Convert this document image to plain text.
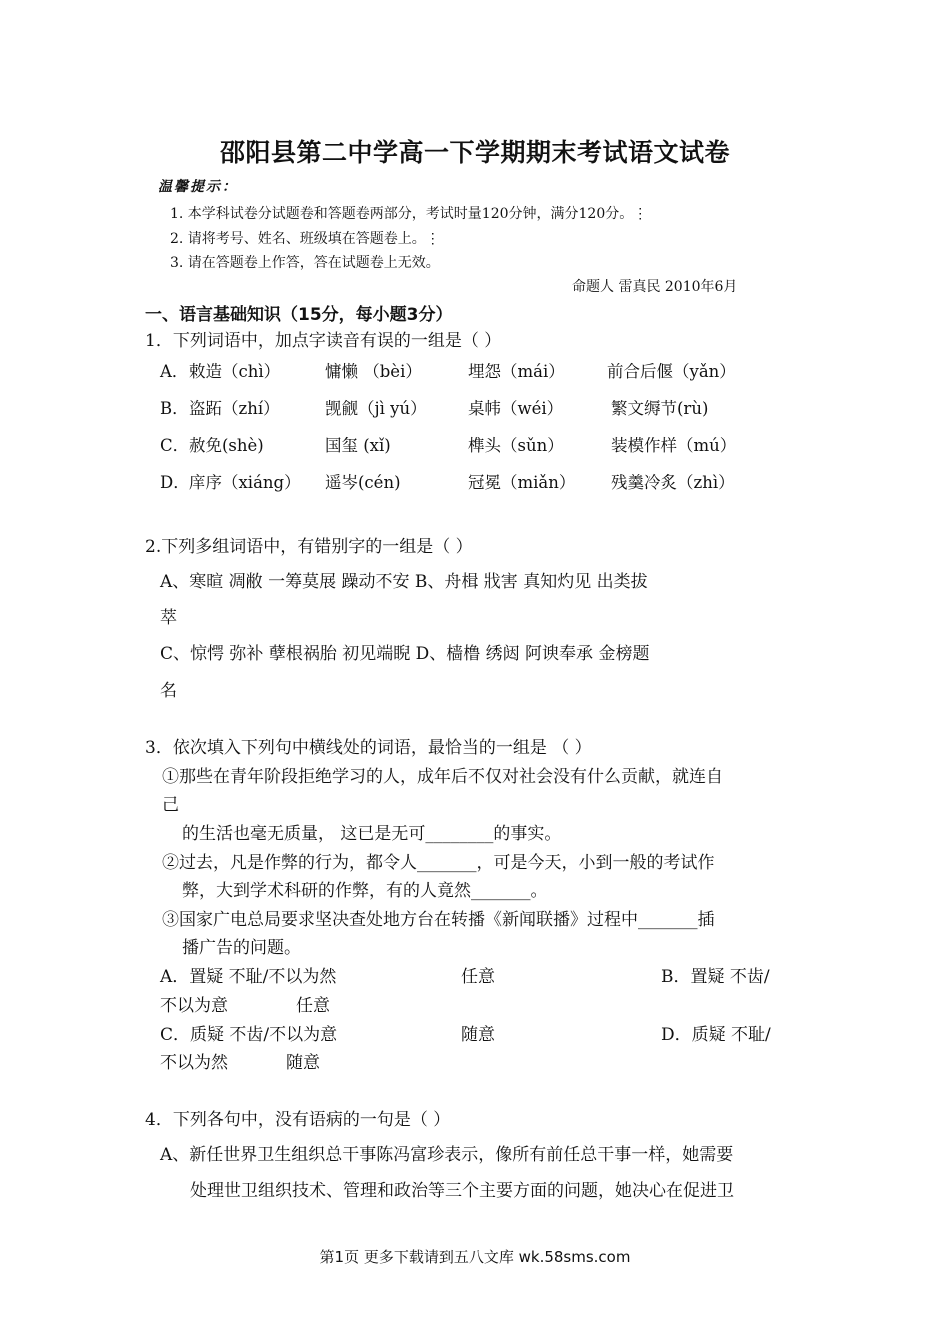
邵阳县第二中学高一下学期期末考试语文试卷
温馨提示：
1. 本学科试卷分试题卷和答题卷两部分，考试时量120分钟，满分120分。⋮
2. 请将考号、姓名、班级填在答题卷上。⋮
3. 请在答题卷上作答，答在试题卷上无效。
命题人 雷真民 2010年6月
一、语言基础知识（15分，每小题3分）
1．下列词语中，加点字读音有误的一组是（ ）
A． 敕造（chì）	慵懒 （bèi）	埋怨（mái）	前合后偃（yǎn）
B． 盗跖（zhí）	觊觎（jì yú）	桌帏（wéi）	繁文缛节(rù)
C． 赦免(shè)	国玺 (xǐ)	榫头（sǔn）	装模作样（mú）
D． 庠序（xiáng） 遥岑(cén)	冠冕（miǎn） 残羹冷炙（zhì）
2.下列多组词语中，有错别字的一组是（ ）
A、寒暄 凋敝 一筹莫展 躁动不安 B、舟楫 戕害 真知灼见 出类拔
萃
C、惊愕 弥补 孽根祸胎 初见端睨 D、樯橹 绣闼 阿谀奉承 金榜题
名
3．依次填入下列句中横线处的词语，最恰当的一组是 （ ）
①那些在青年阶段拒绝学习的人，成年后不仅对社会没有什么贡献，就连自
己
的生活也毫无质量， 这已是无可________的事实。
②过去，凡是作弊的行为，都令人_______，可是今天，小到一般的考试作
弊，大到学术科研的作弊，有的人竟然_______。
③国家广电总局要求坚决查处地方台在转播《新闻联播》过程中_______插
播广告的问题。
A．置疑 不耻/不以为然	任意	B．置疑 不齿/
不以为意	任意
C．质疑 不齿/不以为意	随意	D．质疑 不耻/
不以为然	随意
4．下列各句中，没有语病的一句是（ ）
A、新任世界卫生组织总干事陈冯富珍表示，像所有前任总干事一样，她需要
处理世卫组织技术、管理和政治等三个主要方面的问题，她决心在促进卫
第1页 更多下载请到五八文库 wk.58sms.com
